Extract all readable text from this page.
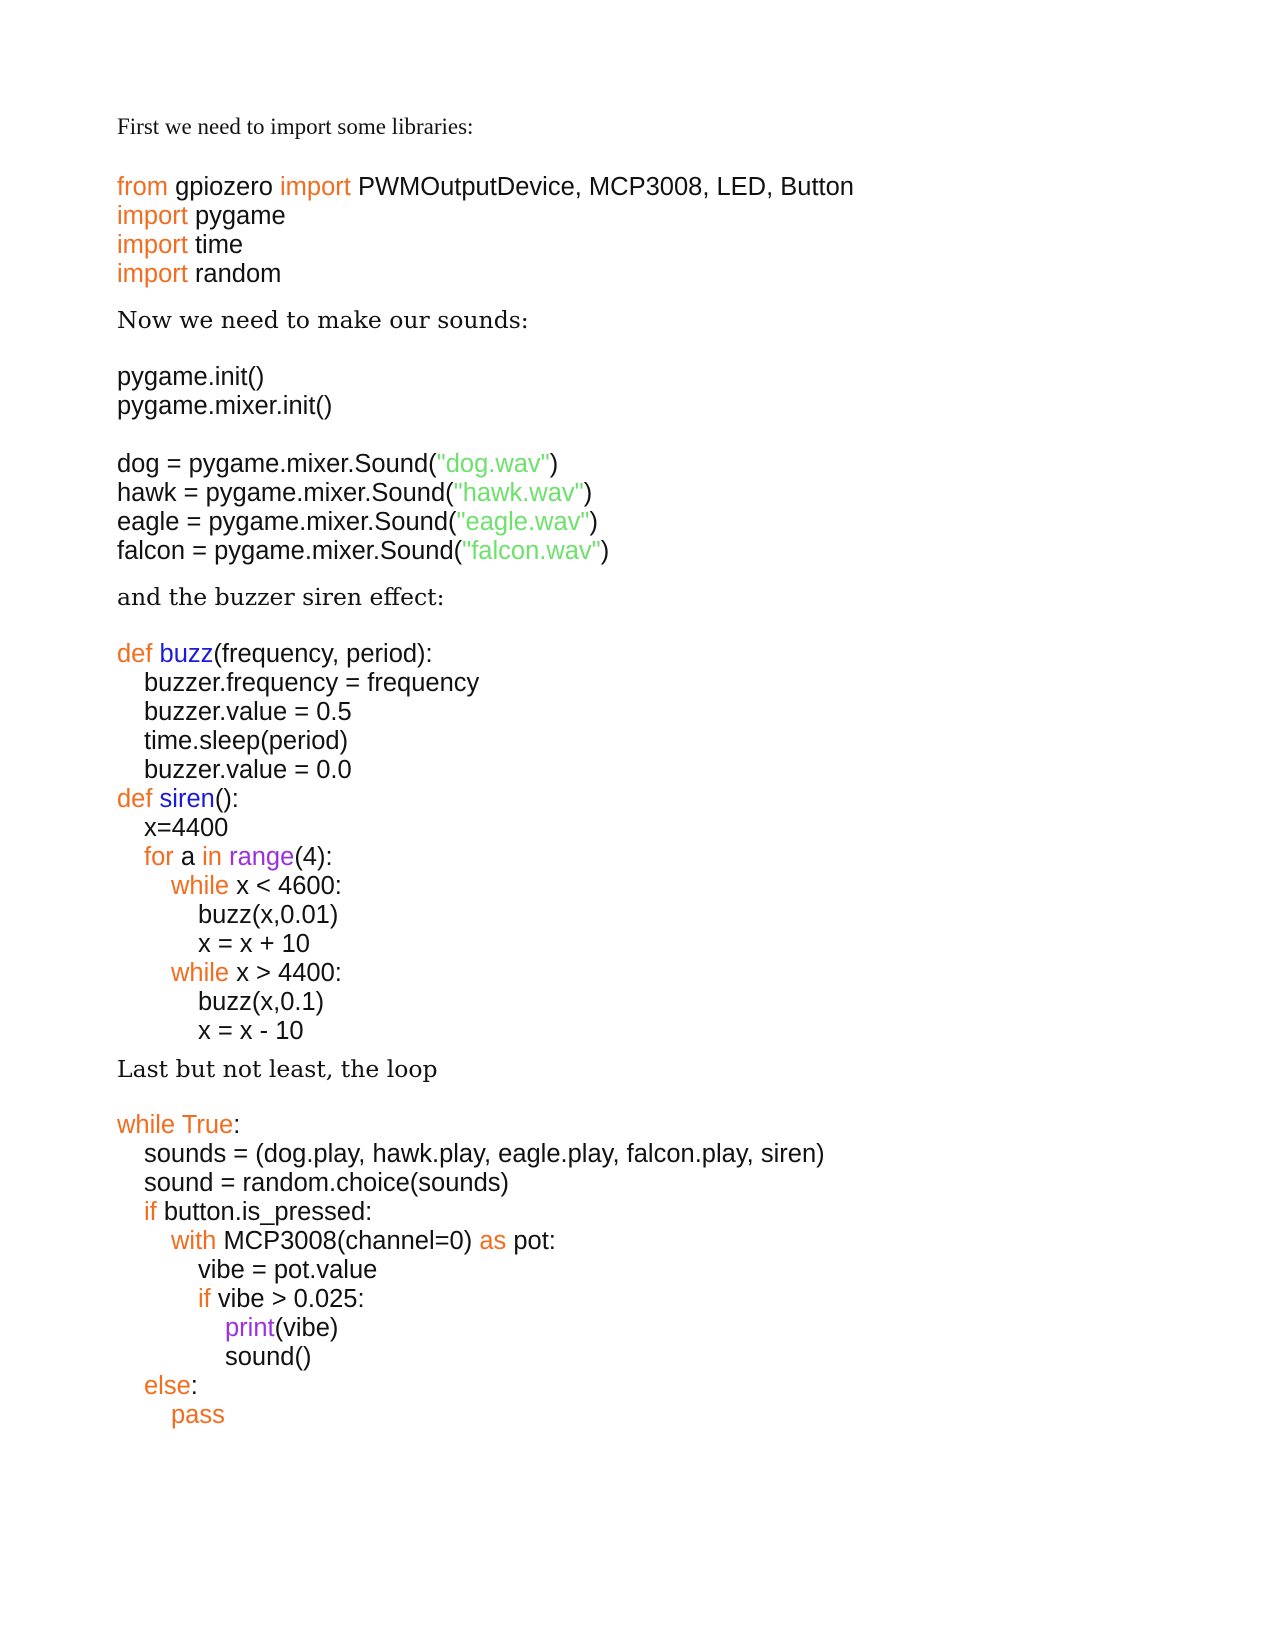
First we need to import some libraries:

from gpiozero import PWMOutputDevice, MCP3008, LED, Button
import pygame
import time
import random

Now we need to make our sounds:

pygame.init()
pygame.mixer.init()
dog = pygame.mixer.Sound("dog.wav")
hawk = pygame.mixer.Sound("hawk.wav")
eagle = pygame.mixer.Sound("eagle.wav")
falcon = pygame.mixer.Sound("falcon.wav")

and the buzzer siren effect:

def buzz(frequency, period):
buzzer.frequency = frequency
buzzer.value = 0.5
time.sleep(period)
buzzer.value = 0.0
def siren():
x=4400
for a in range(4):
while x < 4600:
buzz(x,0.01)
x = x + 10
while x > 4400:
buzz(x,0.1)
x = x - 10

Last but not least, the loop

while True:
sounds = (dog.play, hawk.play, eagle.play, falcon.play, siren)
sound = random.choice(sounds)
if button.is_pressed:
with MCP3008(channel=0) as pot:
vibe = pot.value
if vibe > 0.025:
print(vibe)
sound()
else:
pass
